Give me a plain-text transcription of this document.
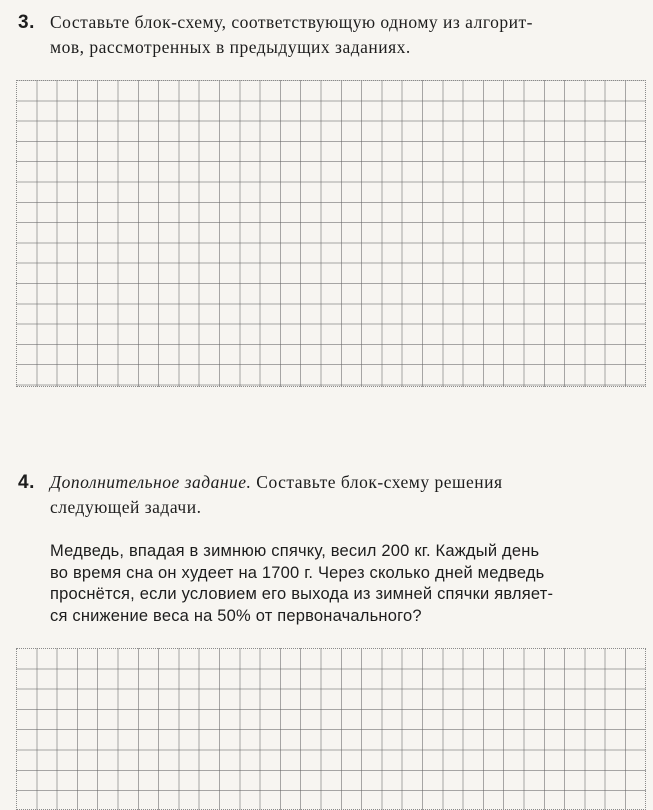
3. Составьте блок-схему, соответствующую одному из алгорит-
мов, рассмотренных в предыдущих заданиях.
4. Дополнительное задание. Составьте блок-схему решения
следующей задачи.
Медведь, впадая в зимнюю спячку, весил 200 кг. Каждый день
во время сна он худеет на 1700 г. Через сколько дней медведь
проснётся, если условием его выхода из зимней спячки являет-
ся снижение веса на 50% от первоначального?
